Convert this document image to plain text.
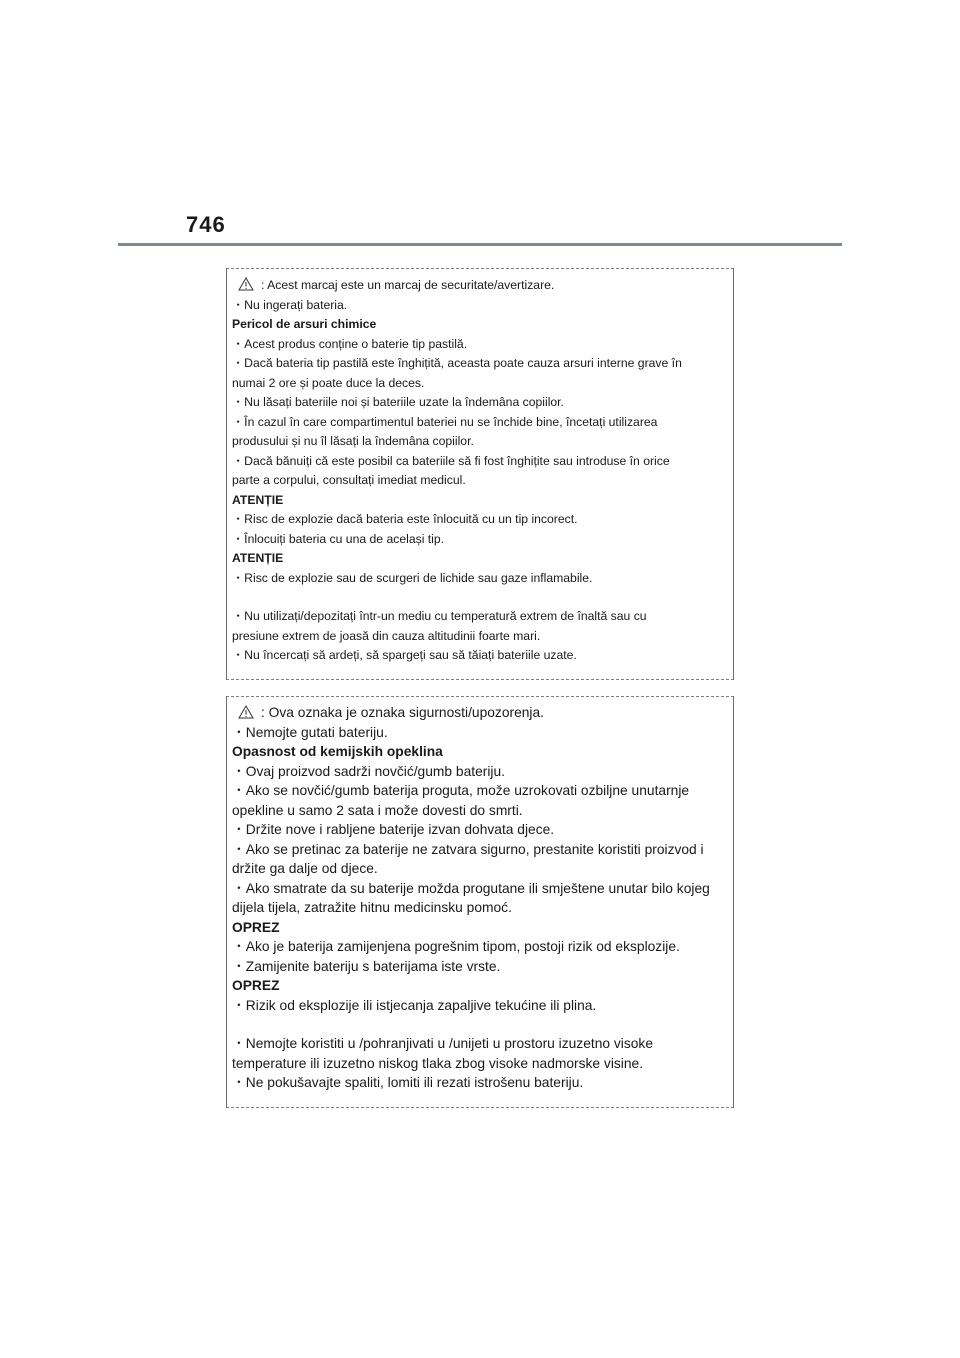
746
: Acest marcaj este un marcaj de securitate/avertizare.
・Nu ingerați bateria.
Pericol de arsuri chimice
・Acest produs conține o baterie tip pastilă.
・Dacă bateria tip pastilă este înghițită, aceasta poate cauza arsuri interne grave în
numai 2 ore și poate duce la deces.
・Nu lăsați bateriile noi și bateriile uzate la îndemâna copiilor.
・În cazul în care compartimentul bateriei nu se închide bine, încetați utilizarea
produsului și nu îl lăsați la îndemâna copiilor.
・Dacă bănuiți că este posibil ca bateriile să fi fost înghițite sau introduse în orice
parte a corpului, consultați imediat medicul.
ATENȚIE
・Risc de explozie dacă bateria este înlocuită cu un tip incorect.
・Înlocuiți bateria cu una de același tip.
ATENȚIE
・Risc de explozie sau de scurgeri de lichide sau gaze inflamabile.
・Nu utilizați/depozitați într-un mediu cu temperatură extrem de înaltă sau cu
presiune extrem de joasă din cauza altitudinii foarte mari.
・Nu încercați să ardeți, să spargeți sau să tăiați bateriile uzate.
: Ova oznaka je oznaka sigurnosti/upozorenja.
・Nemojte gutati bateriju.
Opasnost od kemijskih opeklina
・Ovaj proizvod sadrži novčić/gumb bateriju.
・Ako se novčić/gumb baterija proguta, može uzrokovati ozbiljne unutarnje
opekline u samo 2 sata i može dovesti do smrti.
・Držite nove i rabljene baterije izvan dohvata djece.
・Ako se pretinac za baterije ne zatvara sigurno, prestanite koristiti proizvod i
držite ga dalje od djece.
・Ako smatrate da su baterije možda progutane ili smještene unutar bilo kojeg
dijela tijela, zatražite hitnu medicinsku pomoć.
OPREZ
・Ako je baterija zamijenjena pogrešnim tipom, postoji rizik od eksplozije.
・Zamijenite bateriju s baterijama iste vrste.
OPREZ
・Rizik od eksplozije ili istjecanja zapaljive tekućine ili plina.
・Nemojte koristiti u /pohranjivati u /unijeti u prostoru izuzetno visoke
temperature ili izuzetno niskog tlaka zbog visoke nadmorske visine.
・Ne pokušavajte spaliti, lomiti ili rezati istrošenu bateriju.
